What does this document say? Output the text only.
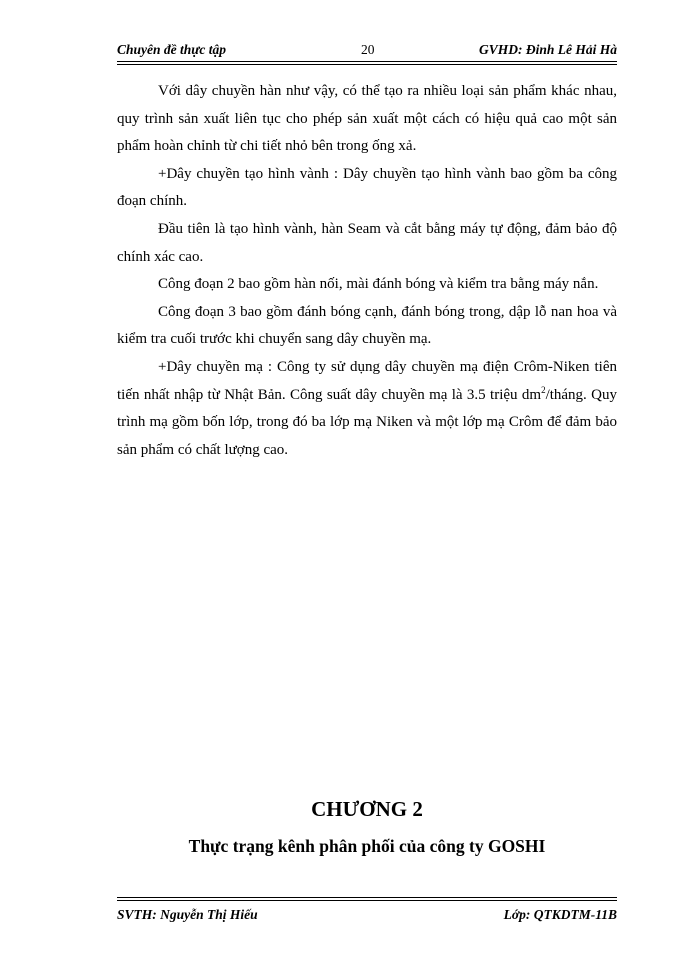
Chuyên đề thực tập	20	GVHD: Đinh Lê Hải Hà

Với dây chuyền hàn như vậy, có thể tạo ra nhiều loại sản phẩm khác nhau, quy trình sản xuất liên tục cho phép sản xuất một cách có hiệu quả cao một sản phẩm hoàn chỉnh từ chi tiết nhỏ bên trong ống xả.

+Dây chuyền tạo hình vành : Dây chuyền tạo hình vành bao gồm ba công đoạn chính.

Đầu tiên là tạo hình vành, hàn Seam và cắt bằng máy tự động, đảm bảo độ chính xác cao.

Công đoạn 2 bao gồm hàn nối, mài đánh bóng và kiểm tra bằng máy nắn.

Công đoạn 3 bao gồm đánh bóng cạnh, đánh bóng trong, dập lỗ nan hoa và kiểm tra cuối trước khi chuyển sang dây chuyền mạ.

+Dây chuyền mạ : Công ty sử dụng dây chuyền mạ điện Crôm-Niken tiên tiến nhất nhập từ Nhật Bản. Công suất dây chuyền mạ là 3.5 triệu $dm^2$/tháng. Quy trình mạ gồm bốn lớp, trong đó ba lớp mạ Niken và một lớp mạ Crôm để đảm bảo sản phẩm có chất lượng cao.

CHƯƠNG 2
Thực trạng kênh phân phối của công ty GOSHI
SVTH: Nguyễn Thị Hiếu	Lớp: QTKDTM-11B
